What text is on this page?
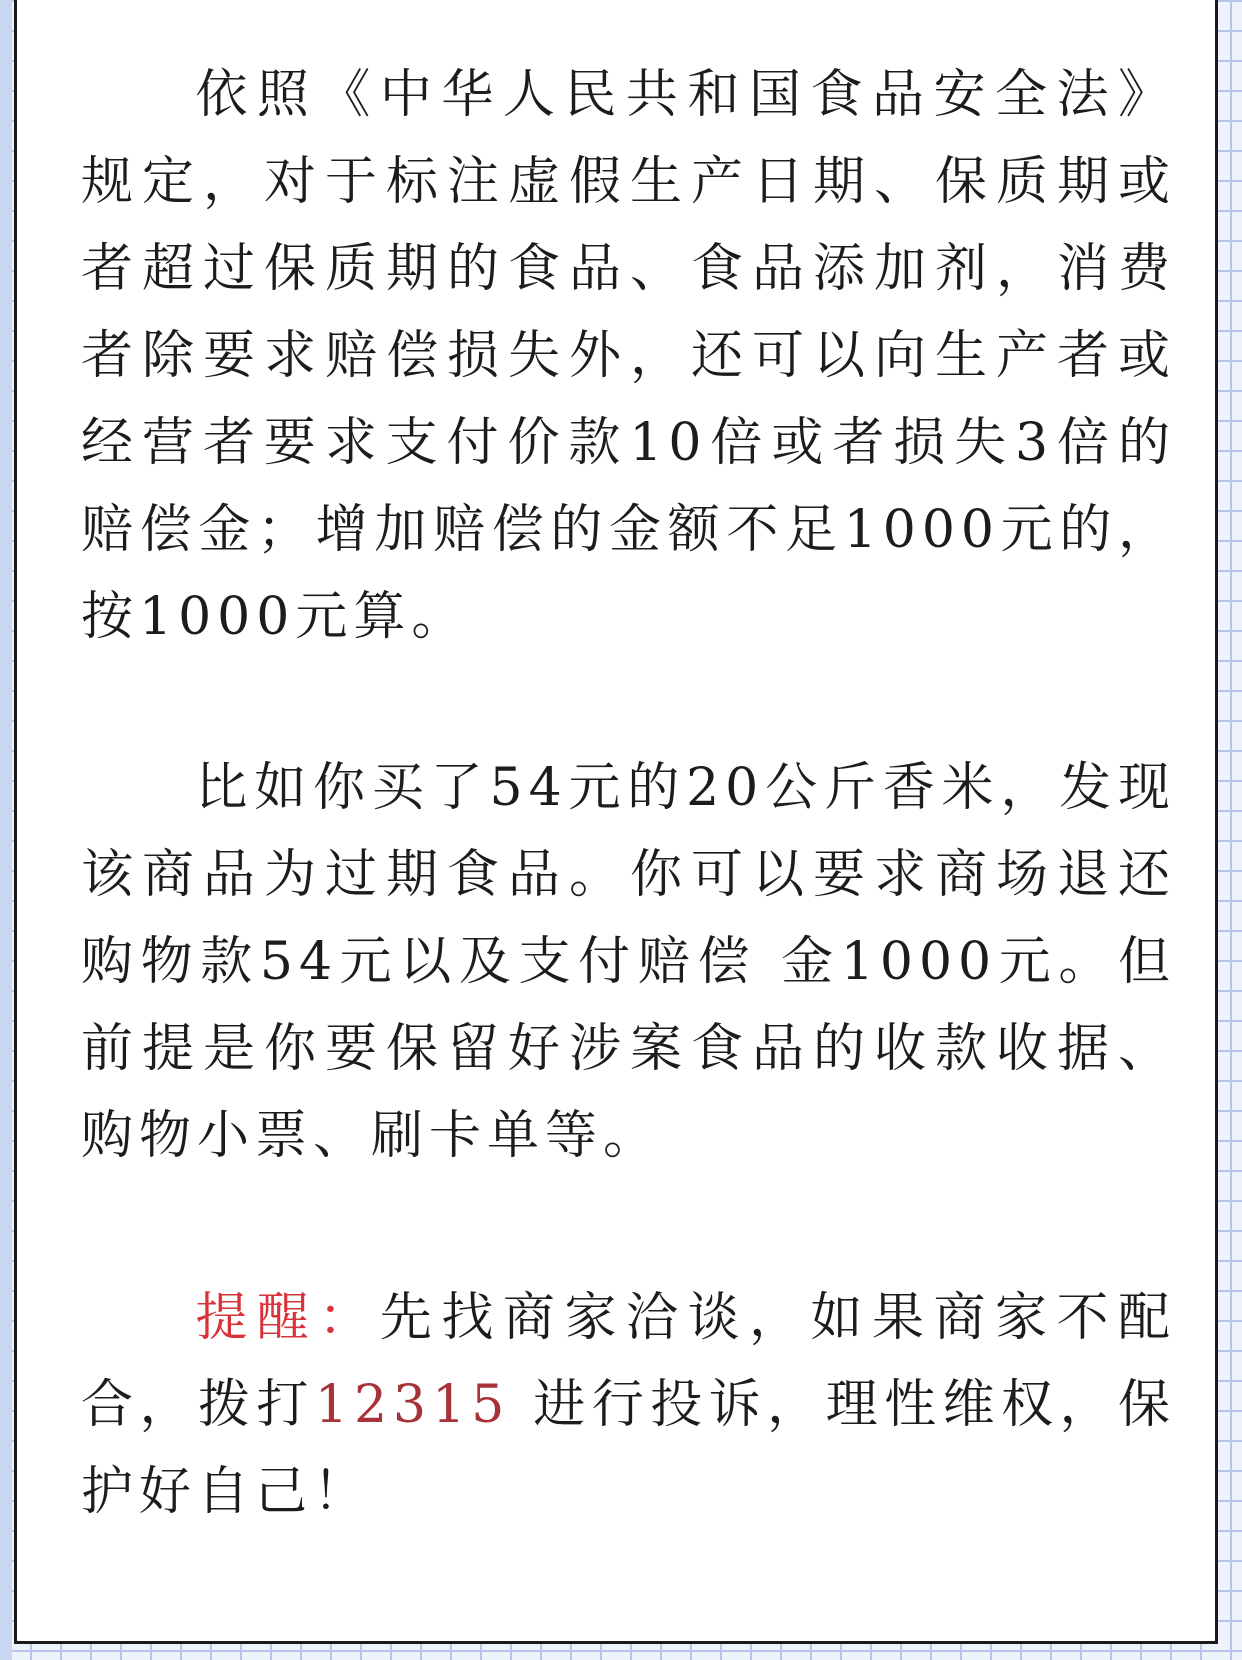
依照《中华人民共和国食品安全法》规定，对于标注虚假生产日期、保质期或者超过保质期的食品、食品添加剂，消费者除要求赔偿损失外，还可以向生产者或经营者要求支付价款10倍或者损失3倍的赔偿金；增加赔偿的金额不足1000元的，按1000元算。

比如你买了54元的20公斤香米，发现该商品为过期食品。你可以要求商场退还购物款54元以及支付赔偿 金1000元。但前提是你要保留好涉案食品的收款收据、购物小票、刷卡单等。

提醒：先找商家洽谈，如果商家不配合，拨打12315 进行投诉，理性维权，保护好自己！
